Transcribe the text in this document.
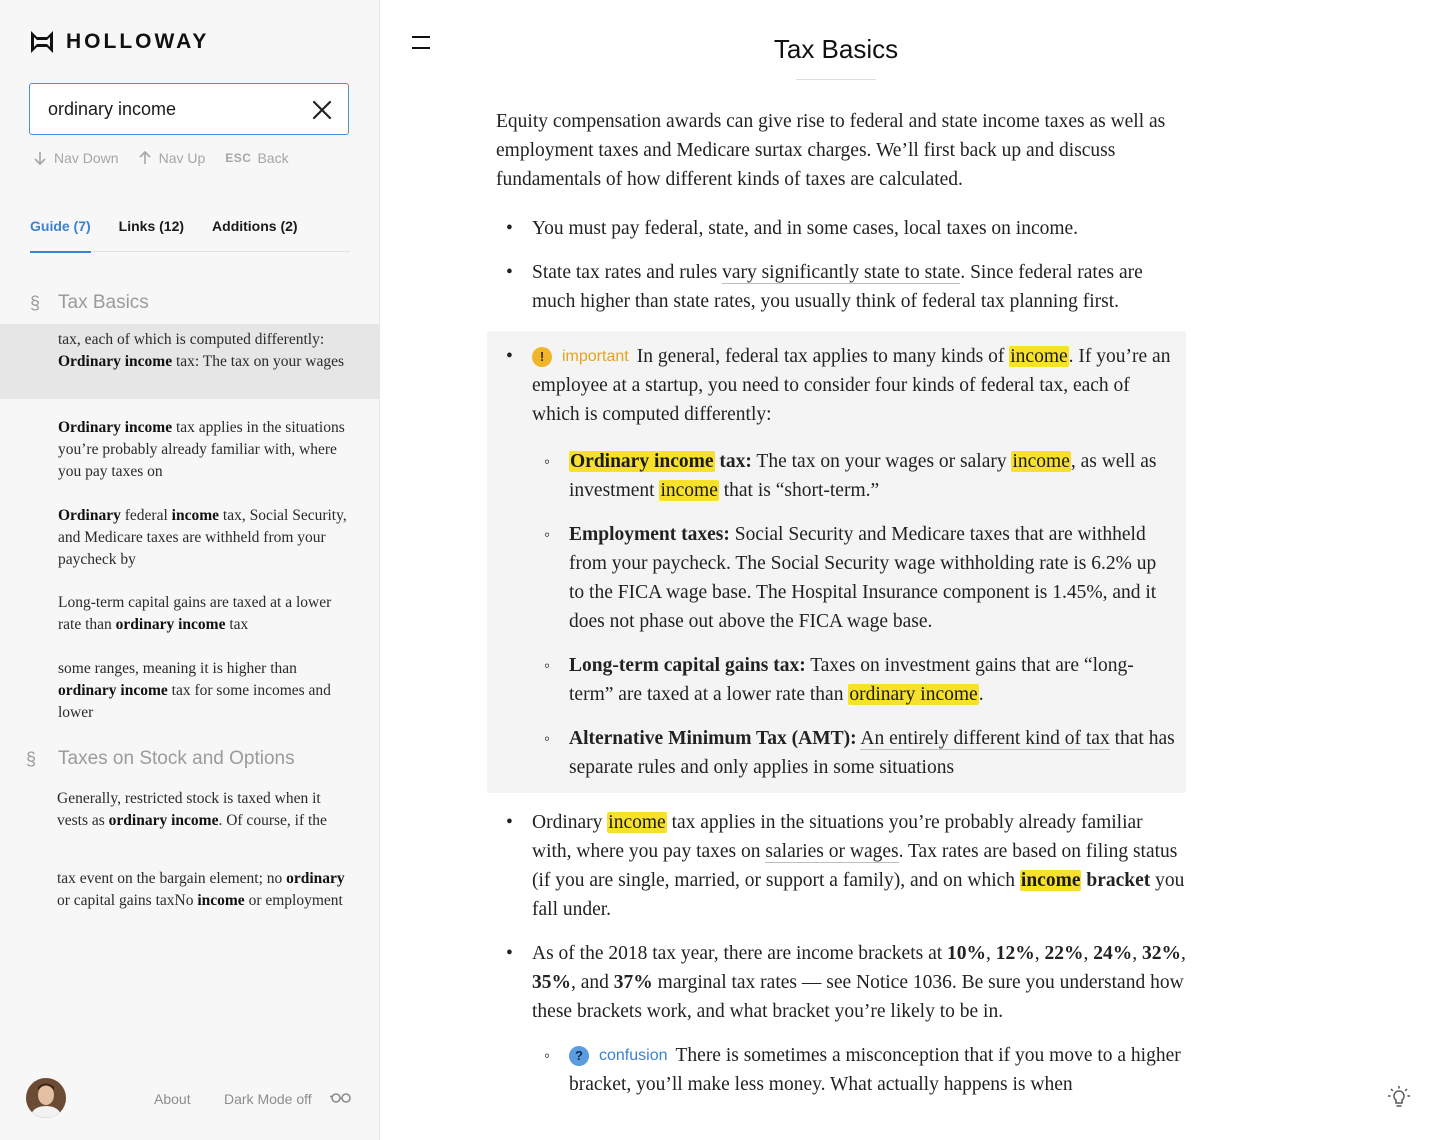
HOLLOWAY
ordinary income
Nav Down	Nav Up ESC Back
Guide (7) Links (12) Additions (2)
§ Tax Basics
tax, each of which is computed differently: Ordinary income tax: The tax on your wages
Ordinary income tax applies in the situations you’re probably already familiar with, where you pay taxes on
Ordinary federal income tax, Social Security, and Medicare taxes are withheld from your paycheck by
Long-term capital gains are taxed at a lower rate than ordinary income tax
some ranges, meaning it is higher than ordinary income tax for some incomes and lower
§	Taxes on Stock and Options
Generally, restricted stock is taxed when it vests as ordinary income. Of course, if the
tax event on the bargain element; no ordinary or capital gains taxNo income or employment
About Dark Mode off
Tax Basics

Equity compensation awards can give rise to federal and state income taxes as well as employment taxes and Medicare surtax charges. We’ll first back up and discuss fundamentals of how different kinds of taxes are calculated.

• You must pay federal, state, and in some cases, local taxes on income.
• State tax rates and rules vary significantly state to state. Since federal rates are much higher than state rates, you usually think of federal tax planning first.
• !	important In general, federal tax applies to many kinds of income. If you’re an employee at a startup, you need to consider four kinds of federal tax, each of which is computed differently:
◦ Ordinary income tax: The tax on your wages or salary income, as well as investment income that is “short-term.”
◦ Employment taxes: Social Security and Medicare taxes that are withheld from your paycheck. The Social Security wage withholding rate is 6.2% up to the FICA wage base. The Hospital Insurance component is 1.45%, and it does not phase out above the FICA wage base.
◦ Long-term capital gains tax: Taxes on investment gains that are “long-term” are taxed at a lower rate than ordinary income.
◦ Alternative Minimum Tax (AMT): An entirely different kind of tax that has separate rules and only applies in some situations
• Ordinary income tax applies in the situations you’re probably already familiar with, where you pay taxes on salaries or wages. Tax rates are based on filing status (if you are single, married, or support a family), and on which income bracket you fall under.
• As of the 2018 tax year, there are income brackets at 10%, 12%, 22%, 24%, 32%, 35%, and 37% marginal tax rates — see Notice 1036. Be sure you understand how these brackets work, and what bracket you’re likely to be in.
◦ ?	confusion There is sometimes a misconception that if you move to a higher bracket, you’ll make less money. What actually happens is when
